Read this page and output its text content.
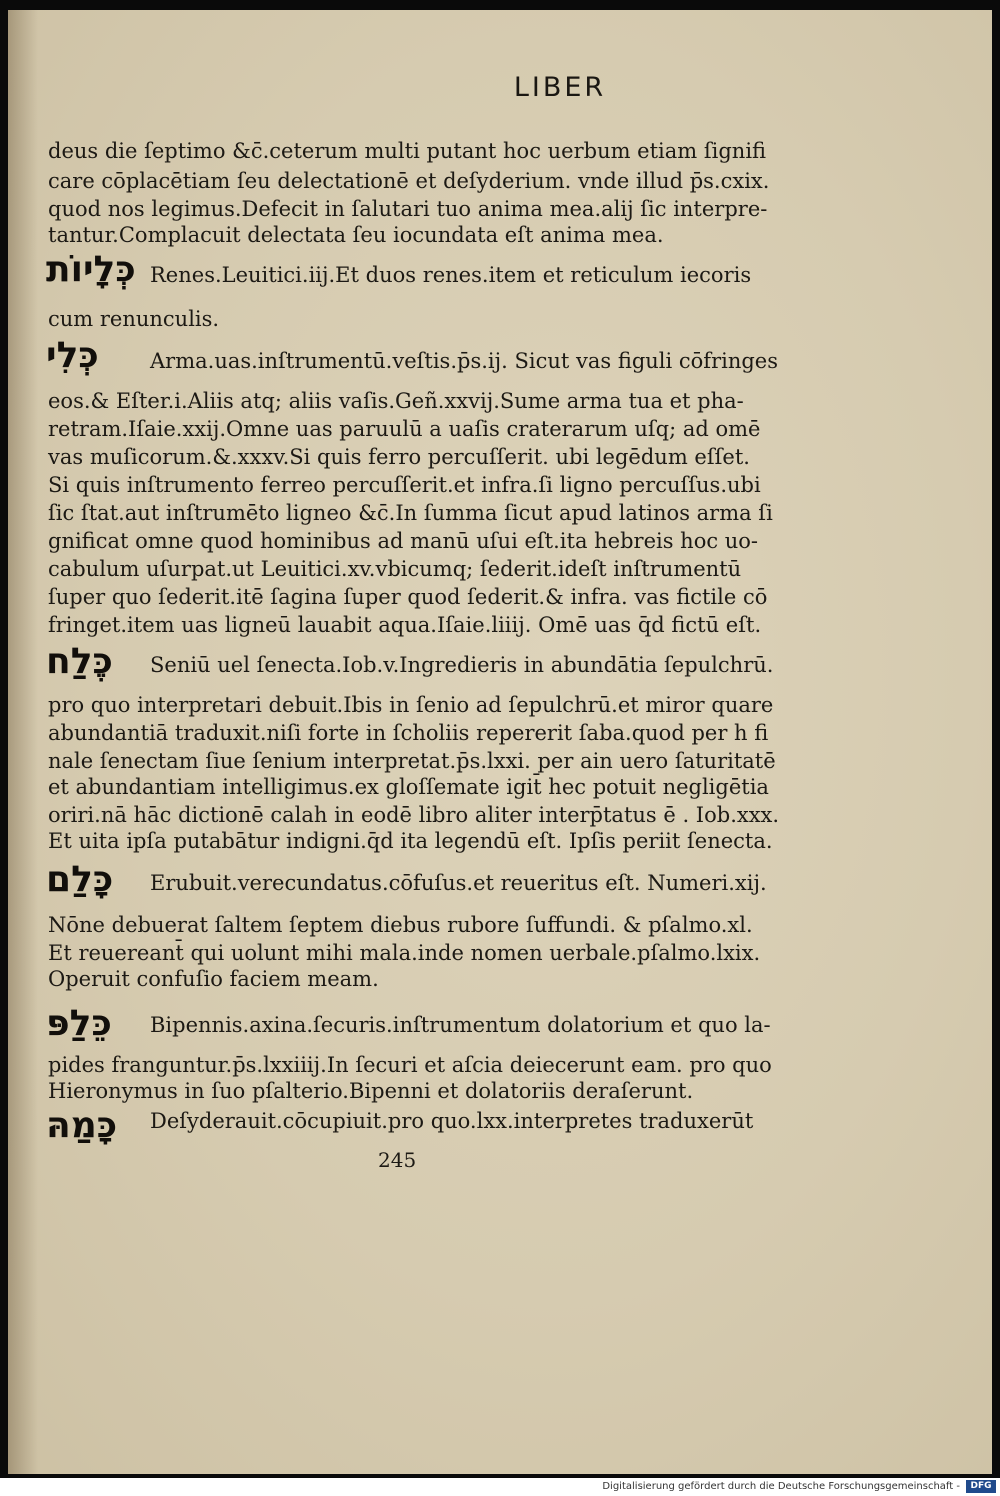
LIBER
deus die ſeptimo &c̄.ceterum multi putant hoc uerbum etiam ſignifi
care cōplacētiam ſeu delectationē et deſyderium. vnde illud p̄s.cxix.
quod nos legimus.Defecit in ſalutari tuo anima mea.alij ſic interpre-
tantur.Complacuit delectata ſeu iocundata eſt anima mea.
כְּלָיוֹת Renes.Leuitici.iij.Et duos renes.item et reticulum iecoris
cum renunculis.
כְּלִי	Arma.uas.inſtrumentū.veſtis.p̄s.ij. Sicut vas figuli cōfringes
eos.& Eſter.i.Aliis atq; aliis vaſis.Geñ.xxvij.Sume arma tua et pha-
retram.Iſaie.xxij.Omne uas paruulū a uaſis craterarum uſq; ad omē
vas muſicorum.&.xxxv.Si quis ferro percuſſerit. ubi legēdum eſſet.
Si quis inſtrumento ferreo percuſſerit.et infra.ſi ligno percuſſus.ubi
ſic ſtat.aut inſtrumēto ligneo &c̄.In ſumma ſicut apud latinos arma ſi
gnificat omne quod hominibus ad manū uſui eſt.ita hebreis hoc uo-
cabulum uſurpat.ut Leuitici.xv.vbicumq; ſederit.ideſt inſtrumentū
ſuper quo ſederit.itē ſagina ſuper quod ſederit.& infra. vas fictile cō
fringet.item uas ligneū lauabit aqua.Iſaie.liiij. Omē uas q̄d fictū eſt.
כֶּלַח	Seniū uel ſenecta.Iob.v.Ingredieris in abundātia ſepulchrū.
pro quo interpretari debuit.Ibis in ſenio ad ſepulchrū.et miror quare
abundantiā traduxit.niſi forte in ſcholiis repererit ſaba.quod per h fi
nale ſenectam ſiue ſenium interpretat.p̄s.lxxi. per ain uero ſaturitatē
et abundantiam intelligimus.ex gloſſemate igit̄ hec potuit negligētia
oriri.nā hāc dictionē calah in eodē libro aliter interp̄tatus ē . Iob.xxx.
Et uita ipſa putabātur indigni.q̄d ita legendū eſt. Ipſis periit ſenecta.
כָּלַם	Erubuit.verecundatus.cōfuſus.et reueritus eſt. Numeri.xij.
Nōne debuerat ſaltem ſeptem diebus rubore ſuffundi. & pſalmo.xl.
Et reuereant̄ qui uolunt mihi mala.inde nomen uerbale.pſalmo.lxix.
Operuit confuſio faciem meam.
כֵּלַפּ	Bipennis.axina.ſecuris.inſtrumentum dolatorium et quo la-
pides franguntur.p̄s.lxxiiij.In ſecuri et aſcia deiecerunt eam. pro quo
Hieronymus in ſuo pſalterio.Bipenni et dolatoriis deraſerunt.
כָּמַהּ	Deſyderauit.cōcupiuit.pro quo.lxx.interpretes traduxerūt
245
Digitalisierung gefördert durch die Deutsche Forschungsgemeinschaft -	DFG
